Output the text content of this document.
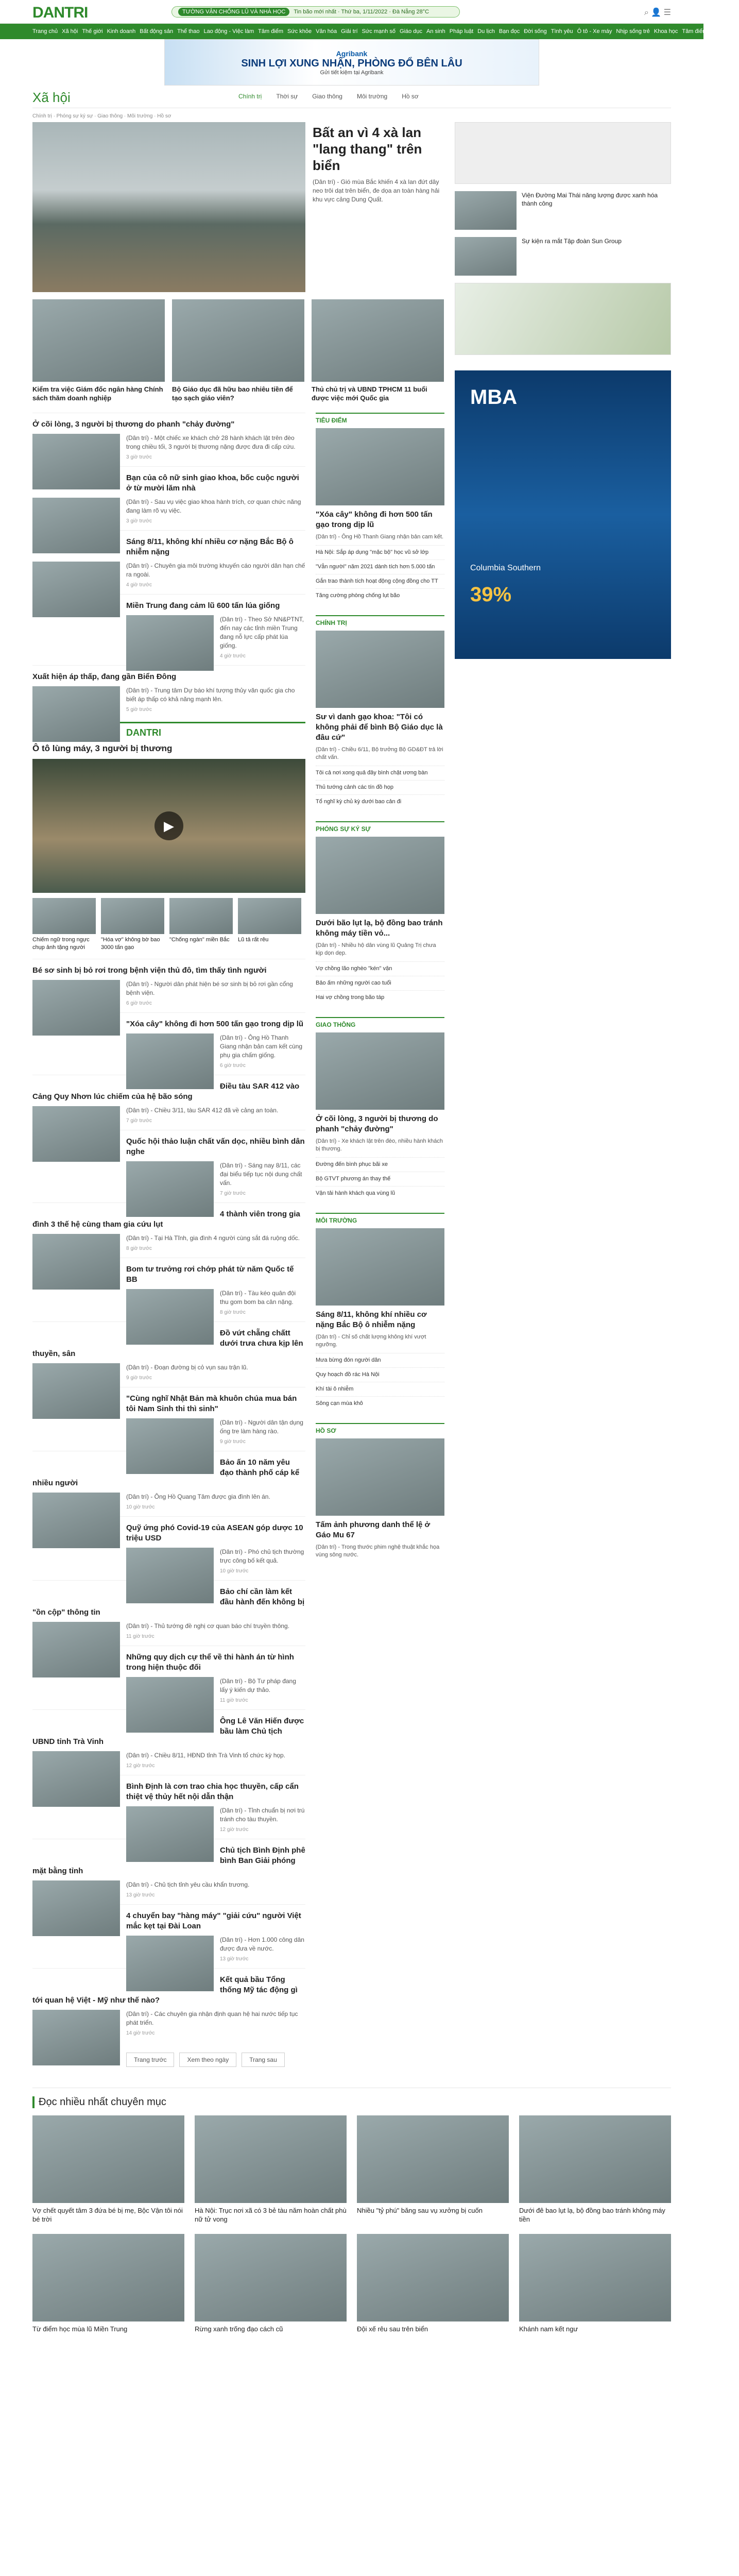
DANTRI	TƯỜNG VẬN CHỐNG LŨ VÀ NHÀ HỌC Tin bão mới nhất · Thứ ba, 1/11/2022 · Đà Nẵng 28°C	⌕ 👤 ☰
Trang chủ Xã hội Thế giới Kinh doanh Bất động sản Thể thao Lao động - Việc làm Tâm điểm Sức khỏe Văn hóa Giải trí Sức mạnh số Giáo dục An sinh Pháp luật Du lịch Bạn đọc Đời sống Tình yêu Ô tô - Xe máy Nhịp sống trẻ Khoa học Tâm điểm Tuyển sinh
Agribank
SINH LỢI XUNG NHẬN, PHÒNG ĐỔ BÊN LÂU
Gửi tiết kiệm tại Agribank
Xã hội	Chính trị Thời sự Giao thông Môi trường Hồ sơ
Chính trị · Phóng sự ký sự · Giao thông · Môi trường · Hồ sơ
Bất an vì 4 xà lan "lang thang" trên biển

(Dân trí) - Gió mùa Bắc khiến 4 xà lan đứt dây neo trôi dạt trên biển, đe dọa an toàn hàng hải khu vực cảng Dung Quất.

Kiểm tra việc Giám đốc ngân hàng Chính sách thăm doanh nghiệp
Bộ Giáo dục đã hữu bao nhiêu tiền để tạo sạch giáo viên?
Thủ chủ trị và UBND TPHCM 11 buổi được việc mới Quốc gia
Ở cõi lòng, 3 người bị thương do phanh "chảy đường"

(Dân trí) - Một chiếc xe khách chở 28 hành khách lật trên đèo trong chiều tối, 3 người bị thương nặng được đưa đi cấp cứu.

3 giờ trước
Bạn của cô nữ sinh giao khoa, bốc cuộc người ở từ mười lăm nhà

(Dân trí) - Sau vụ việc giao khoa hành trích, cơ quan chức năng đang làm rõ vụ việc.

3 giờ trước
Sáng 8/11, không khí nhiều cơ nặng Bắc Bộ ô nhiễm nặng

(Dân trí) - Chuyên gia môi trường khuyến cáo người dân hạn chế ra ngoài.

4 giờ trước
Miền Trung đang cảm lũ 600 tấn lúa giống

(Dân trí) - Theo Sở NN&PTNT, đến nay các tỉnh miền Trung đang nỗ lực cấp phát lúa giống.

4 giờ trước
Xuất hiện áp thấp, đang gần Biển Đông

(Dân trí) - Trung tâm Dự báo khí tượng thủy văn quốc gia cho biết áp thấp có khả năng mạnh lên.

5 giờ trước
DANTRI
Ô tô lùng máy, 3 người bị thương
▶

Chiếm ngữ trong ngực chụp ảnh tặng người

"Hóa vợ" không bờ bao 3000 tấn gạo

"Chống ngàn" miền Bắc	Lũ tả rất rêu

Bé sơ sinh bị bỏ rơi trong bệnh viện thủ đô, tìm thấy tình người

(Dân trí) - Người dân phát hiện bé sơ sinh bị bỏ rơi gần cổng bệnh viện.

6 giờ trước
"Xóa cây" không đi hơn 500 tấn gạo trong dịp lũ

(Dân trí) - Ông Hồ Thanh Giang nhận bản cam kết cùng phụ gia chấm giống.

6 giờ trước
Điều tàu SAR 412 vào Cảng Quy Nhơn lúc chiếm của hệ bão sóng

(Dân trí) - Chiều 3/11, tàu SAR 412 đã về cảng an toàn.

7 giờ trước
Quốc hội thảo luận chất vấn dọc, nhiều bình dân nghe

(Dân trí) - Sáng nay 8/11, các đại biểu tiếp tục nội dung chất vấn.

7 giờ trước
4 thành viên trong gia đình 3 thế hệ cùng tham gia cứu lụt

(Dân trí) - Tại Hà Tĩnh, gia đình 4 người cùng sắt đá ruộng dốc.

8 giờ trước
Bom tư trưởng rơi chớp phát từ năm Quốc tế BB

(Dân trí) - Tàu kéo quân đội thu gom bom ba cân nặng.

8 giờ trước
Đồ vứt chẵng chấtt dưới trưa chưa kịp lên thuyền, sân

(Dân trí) - Đoạn đường bị cỏ vụn sau trận lũ.

9 giờ trước
"Cùng nghĩ Nhật Bản mà khuôn chúa mua bán tôi Nam Sinh thi thì sinh"

(Dân trí) - Người dân tận dụng ống tre làm hàng rào.

9 giờ trước
Bảo ấn 10 năm yêu đạo thành phố cáp kể nhiều người

(Dân trí) - Ông Hồ Quang Tâm được gia đình lên án.

10 giờ trước
Quỹ ứng phó Covid-19 của ASEAN góp dược 10 triệu USD

(Dân trí) - Phó chủ tịch thường trực công bố kết quả.

10 giờ trước
Bảo chí cần làm kết đầu hành đến không bị "ồn cộp" thông tin

(Dân trí) - Thủ tướng đề nghị cơ quan báo chí truyền thông.

11 giờ trước
Những quy dịch cự thể về thi hành án từ hình trong hiện thuộc đối

(Dân trí) - Bộ Tư pháp đang lấy ý kiến dự thảo.

11 giờ trước
Ông Lê Văn Hiến được bầu làm Chủ tịch UBND tỉnh Trà Vinh

(Dân trí) - Chiều 8/11, HĐND tỉnh Trà Vinh tổ chức kỳ họp.

12 giờ trước
Bình Định là cơn trao chia học thuyền, cấp cẩn thiệt vệ thủy hết nội dẫn thận

(Dân trí) - Tỉnh chuẩn bị nơi trú tránh cho tàu thuyền.

12 giờ trước
Chủ tịch Bình Định phê bình Ban Giải phóng mặt bằng tỉnh

(Dân trí) - Chủ tịch tỉnh yêu cầu khẩn trương.

13 giờ trước
4 chuyển bay "hàng máy" "giải cứu" người Việt mắc kẹt tại Đài Loan

(Dân trí) - Hơn 1.000 công dân được đưa về nước.

13 giờ trước
Kết quả bầu Tổng thống Mỹ tác động gì tới quan hệ Việt - Mỹ như thế nào?

(Dân trí) - Các chuyên gia nhận định quan hệ hai nước tiếp tục phát triển.

14 giờ trước
Trang trước	Xem theo ngày	Trang sau
TIÊU ĐIỂM
"Xóa cây" không đi hơn 500 tấn gạo trong dịp lũ

(Dân trí) - Ông Hồ Thanh Giang nhận bản cam kết.

Hà Nội: Sắp áp dụng "mặc bộ" học vũ sở lớp
"Vẫn người" năm 2021 dành tích hơn 5.000 tấn
Gắn trao thành tích hoạt động cộng đồng cho TT
Tăng cường phòng chống lụt bão
CHÍNH TRỊ
Sư vì danh gạo khoa: "Tôi có không phải để bình Bộ Giáo dục là đâu cứ"

(Dân trí) - Chiều 6/11, Bộ trưởng Bộ GD&ĐT trả lời chất vấn.

Tôi cả nơi xong quả đây bình chặt ương bàn
Thủ tướng cảnh các tín đồ họp
Tổ nghĩ kỳ chủ kỳ dưới bao cản đi
PHÓNG SỰ KÝ SỰ
Dưới bão lụt lạ, bộ đồng bao tránh không máy tiền vỏ...

(Dân trí) - Nhiều hộ dân vùng lũ Quảng Trị chưa kịp dọn dẹp.

Vợ chồng lão nghèo "kén" vận
Bảo ấm những người cao tuổi
Hai vợ chồng trong bão táp
GIAO THÔNG
Ở cõi lòng, 3 người bị thương do phanh "chảy đường"

(Dân trí) - Xe khách lật trên đèo, nhiều hành khách bị thương.

Đường đến bình phục bãi xe
Bộ GTVT phương án thay thế
Vận tải hành khách qua vùng lũ
MÔI TRƯỜNG
Sáng 8/11, không khí nhiều cơ nặng Bắc Bộ ô nhiễm nặng

(Dân trí) - Chỉ số chất lượng không khí vượt ngưỡng.

Mưa bừng đón người dân
Quy hoạch đồ rác Hà Nội
Khí tài ô nhiễm
Sông cạn mùa khô
HỒ SƠ
Tấm ảnh phương danh thể lệ ở Gáo Mu 67

(Dân trí) - Trong thước phim nghệ thuật khắc họa vùng sông nước.

Viện Đường Mai Thái năng lượng được xanh hóa thành công

Sự kiện ra mắt Tập đoàn Sun Group

MBA
Columbia Southern
39%
Đọc nhiều nhất chuyên mục

Vợ chết quyết tâm 3 đứa bé bị mẹ, Bộc Vận tôi nói bé trời

Hà Nội: Trục nơi xã có 3 bẻ tàu năm hoàn chất phù nữ tử vong

Nhiều "tỷ phú" băng sau vụ xưởng bị cuốn	Dưới đê bao lụt lạ, bộ đồng bao tránh không máy tiền

Từ điểm học mùa lũ Miền Trung	Rừng xanh trống đạo cách cũ	Đội xế rêu sau trên biển	Khánh nam kết ngư
